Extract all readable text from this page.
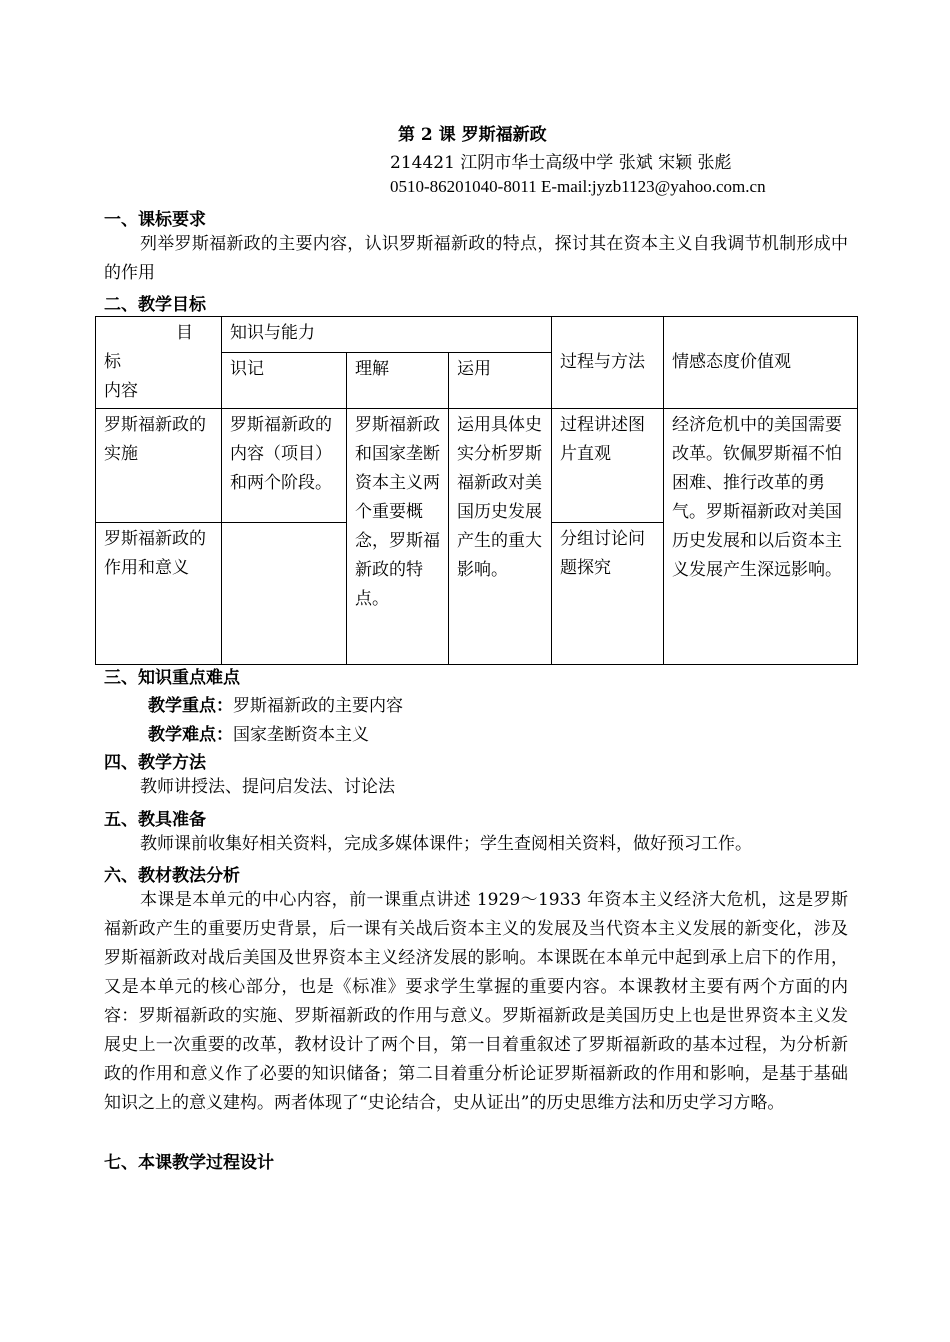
第 2 课 罗斯福新政
214421 江阴市华士高级中学 张斌 宋颖 张彪
0510-86201040-8011 E-mail:jyzb1123@yahoo.com.cn
一、课标要求
列举罗斯福新政的主要内容，认识罗斯福新政的特点，探讨其在资本主义自我调节机制形成中的作用
二、教学目标
目
标
内容	知识与能力			过程与方法	情感态度价值观
	识记	理解	运用		
罗斯福新政的实施	罗斯福新政的内容（项目）和两个阶段。	罗斯福新政和国家垄断资本主义两个重要概念，罗斯福新政的特点。	运用具体史实分析罗斯福新政对美国历史发展产生的重大影响。	过程讲述图片直观	经济危机中的美国需要改革。钦佩罗斯福不怕困难、推行改革的勇气。罗斯福新政对美国历史发展和以后资本主义发展产生深远影响。
罗斯福新政的作用和意义				分组讨论问题探究	
三、知识重点难点
教学重点：罗斯福新政的主要内容
教学难点：国家垄断资本主义
四、教学方法
教师讲授法、提问启发法、讨论法
五、教具准备
教师课前收集好相关资料，完成多媒体课件；学生查阅相关资料，做好预习工作。
六、教材教法分析
本课是本单元的中心内容，前一课重点讲述 1929～1933 年资本主义经济大危机，这是罗斯福新政产生的重要历史背景，后一课有关战后资本主义的发展及当代资本主义发展的新变化，涉及罗斯福新政对战后美国及世界资本主义经济发展的影响。本课既在本单元中起到承上启下的作用，又是本单元的核心部分，也是《标准》要求学生掌握的重要内容。本课教材主要有两个方面的内容：罗斯福新政的实施、罗斯福新政的作用与意义。罗斯福新政是美国历史上也是世界资本主义发展史上一次重要的改革，教材设计了两个目，第一目着重叙述了罗斯福新政的基本过程，为分析新政的作用和意义作了必要的知识储备；第二目着重分析论证罗斯福新政的作用和影响，是基于基础知识之上的意义建构。两者体现了“史论结合，史从证出”的历史思维方法和历史学习方略。
七、本课教学过程设计
